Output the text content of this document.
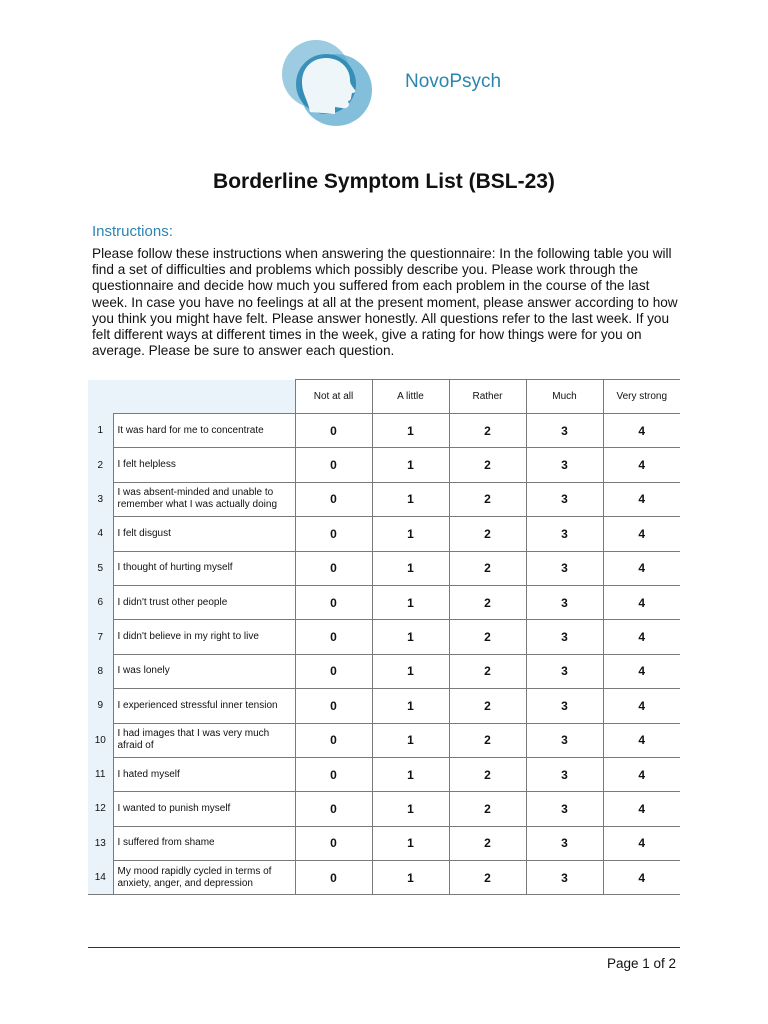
NovoPsych
Borderline Symptom List (BSL-23)
Instructions:
Please follow these instructions when answering the questionnaire: In the following table you will find a set of difficulties and problems which possibly describe you. Please work through the questionnaire and decide how much you suffered from each problem in the course of the last week. In case you have no feelings at all at the present moment, please answer according to how you think you might have felt. Please answer honestly. All questions refer to the last week. If you felt different ways at different times in the week, give a rating for how things were for you on average. Please be sure to answer each question.
		Not at all	A little	Rather	Much	Very strong
1	It was hard for me to concentrate	0	1	2	3	4
2	I felt helpless	0	1	2	3	4
3	I was absent-minded and unable to remember what I was actually doing	0	1	2	3	4
4	I felt disgust	0	1	2	3	4
5	I thought of hurting myself	0	1	2	3	4
6	I didn't trust other people	0	1	2	3	4
7	I didn't believe in my right to live	0	1	2	3	4
8	I was lonely	0	1	2	3	4
9	I experienced stressful inner tension	0	1	2	3	4
10	I had images that I was very much afraid of	0	1	2	3	4
11	I hated myself	0	1	2	3	4
12	I wanted to punish myself	0	1	2	3	4
13	I suffered from shame	0	1	2	3	4
14	My mood rapidly cycled in terms of anxiety, anger, and depression	0	1	2	3	4
Page 1 of 2
